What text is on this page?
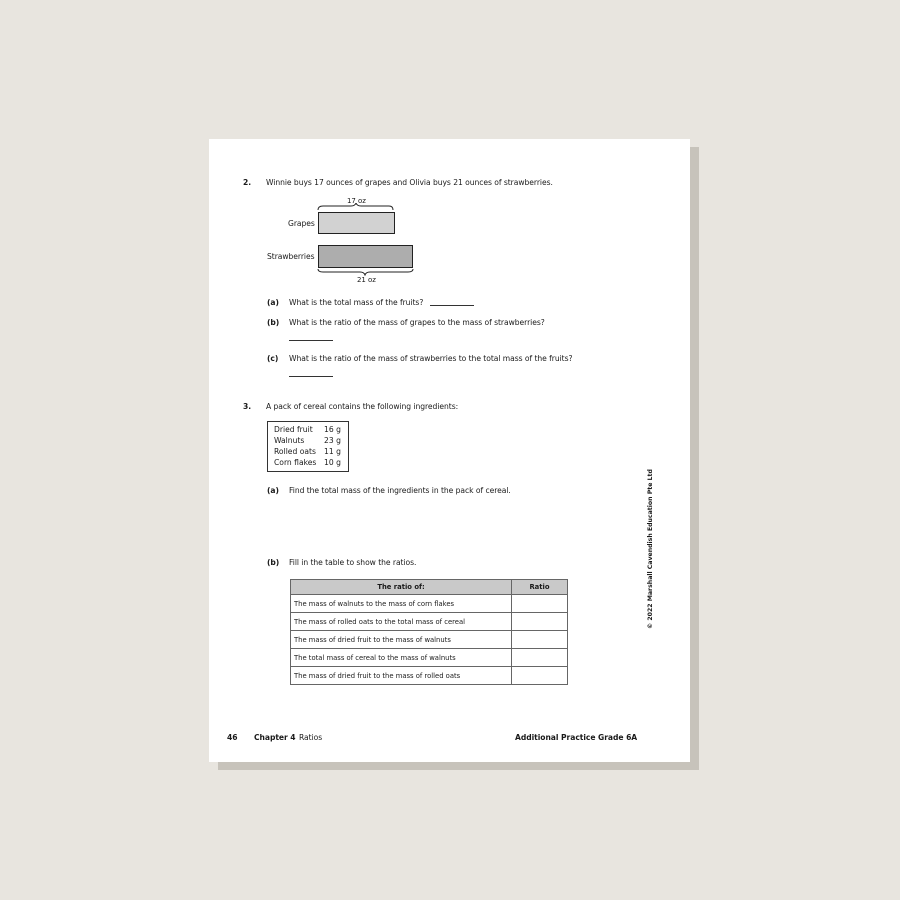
2. Winnie buys 17 ounces of grapes and Olivia buys 21 ounces of strawberries.
17 oz
Grapes
Strawberries
21 oz
(a) What is the total mass of the fruits?
(b) What is the ratio of the mass of grapes to the mass of strawberries?
(c) What is the ratio of the mass of strawberries to the total mass of the fruits?
3. A pack of cereal contains the following ingredients:
Dried fruit 16 g
Walnuts	23 g
Rolled oats 11 g
Corn flakes 10 g
(a) Find the total mass of the ingredients in the pack of cereal.
(b) Fill in the table to show the ratios.
The ratio of:	Ratio
The mass of walnuts to the mass of corn flakes	
The mass of rolled oats to the total mass of cereal	
The mass of dried fruit to the mass of walnuts	
The total mass of cereal to the mass of walnuts	
The mass of dried fruit to the mass of rolled oats	
© 2022 Marshall Cavendish Education Pte Ltd
46 Chapter 4 Ratios	Additional Practice Grade 6A
